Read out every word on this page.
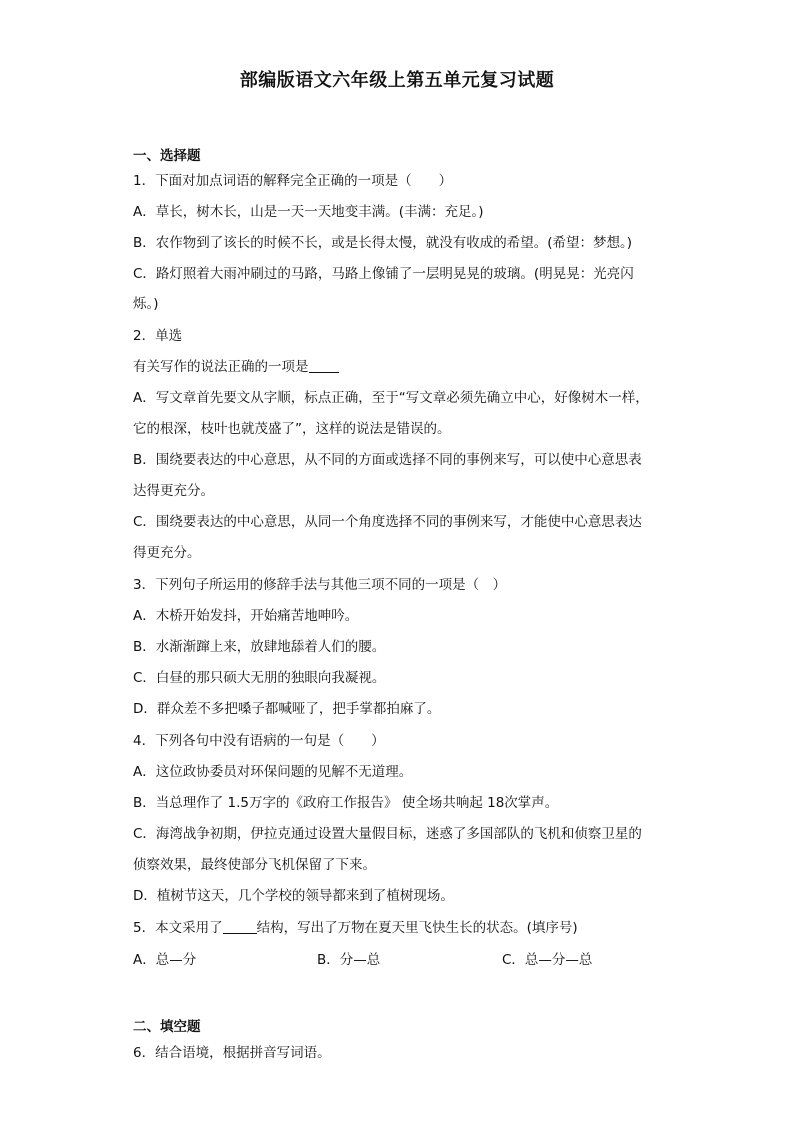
部编版语文六年级上第五单元复习试题
一、选择题
1．下面对加点词语的解释完全正确的一项是（　　）
A．草长，树木长，山是一天一天地变丰满。(丰满：充足。)
B．农作物到了该长的时候不长，或是长得太慢，就没有收成的希望。(希望：梦想。)
C．路灯照着大雨冲刷过的马路，马路上像铺了一层明晃晃的玻璃。(明晃晃：光亮闪
烁。)
2．单选
有关写作的说法正确的一项是
A．写文章首先要文从字顺，标点正确，至于“写文章必须先确立中心，好像树木一样，
它的根深，枝叶也就茂盛了”，这样的说法是错误的。
B．围绕要表达的中心意思，从不同的方面或选择不同的事例来写，可以使中心意思表
达得更充分。
C．围绕要表达的中心意思，从同一个角度选择不同的事例来写，才能使中心意思表达
得更充分。
3．下列句子所运用的修辞手法与其他三项不同的一项是（　）
A．木桥开始发抖，开始痛苦地呻吟。
B．水渐渐蹿上来，放肆地舔着人们的腰。
C．白昼的那只硕大无朋的独眼向我凝视。
D．群众差不多把嗓子都喊哑了，把手掌都拍麻了。
4．下列各句中没有语病的一句是（　　）
A．这位政协委员对环保问题的见解不无道理。
B．当总理作了 1.5万字的《政府工作报告》 使全场共响起 18次掌声。
C．海湾战争初期，伊拉克通过设置大量假目标，迷惑了多国部队的飞机和侦察卫星的
侦察效果，最终使部分飞机保留了下来。
D．植树节这天，几个学校的领导都来到了植树现场。
5．本文采用了	结构，写出了万物在夏天里飞快生长的状态。(填序号)
A．总—分	B．分—总	C．总—分—总
二、填空题
6．结合语境，根据拼音写词语。
